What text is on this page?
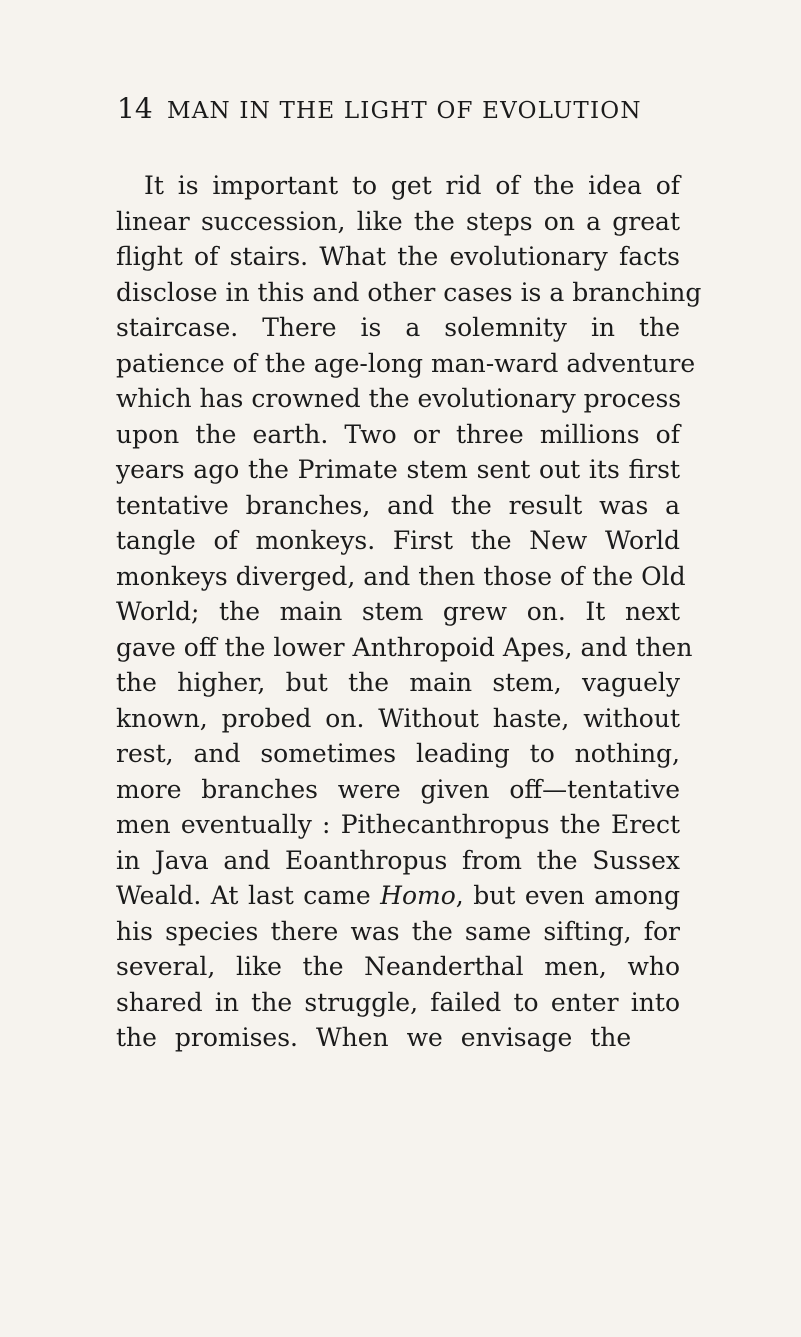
14 MAN IN THE LIGHT OF EVOLUTION
It is important to get rid of the idea of
linear succession, like the steps on a great
flight of stairs. What the evolutionary facts
disclose in this and other cases is a branching
staircase. There is a solemnity in the
patience of the age-long man-ward adventure
which has crowned the evolutionary process
upon the earth. Two or three millions of
years ago the Primate stem sent out its first
tentative branches, and the result was a
tangle of monkeys. First the New World
monkeys diverged, and then those of the Old
World; the main stem grew on. It next
gave off the lower Anthropoid Apes, and then
the higher, but the main stem, vaguely
known, probed on. Without haste, without
rest, and sometimes leading to nothing,
more branches were given off—tentative
men eventually : Pithecanthropus the Erect
in Java and Eoanthropus from the Sussex
Weald. At last came Homo, but even among
his species there was the same sifting, for
several, like the Neanderthal men, who
shared in the struggle, failed to enter into
the promises. When we envisage the
